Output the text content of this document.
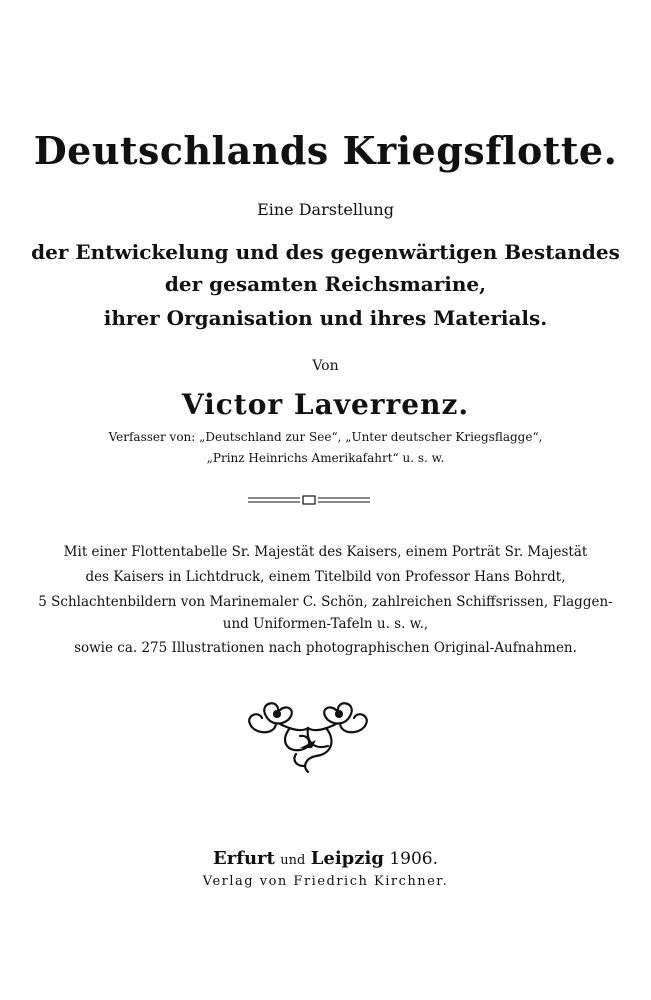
Deutschlands Kriegsflotte.
Eine Darstellung
der Entwickelung und des gegenwärtigen Bestandes
der gesamten Reichsmarine,
ihrer Organisation und ihres Materials.
Von
Victor Laverrenz.
Verfasser von: „Deutschland zur See“, „Unter deutscher Kriegsflagge“,
„Prinz Heinrichs Amerikafahrt“ u. s. w.
Mit einer Flottentabelle Sr. Majestät des Kaisers, einem Porträt Sr. Majestät
des Kaisers in Lichtdruck, einem Titelbild von Professor Hans Bohrdt,
5 Schlachtenbildern von Marinemaler C. Schön, zahlreichen Schiffsrissen, Flaggen-
und Uniformen-Tafeln u. s. w.,
sowie ca. 275 Illustrationen nach photographischen Original-Aufnahmen.
Erfurt und Leipzig 1906.
Verlag von Friedrich Kirchner.
